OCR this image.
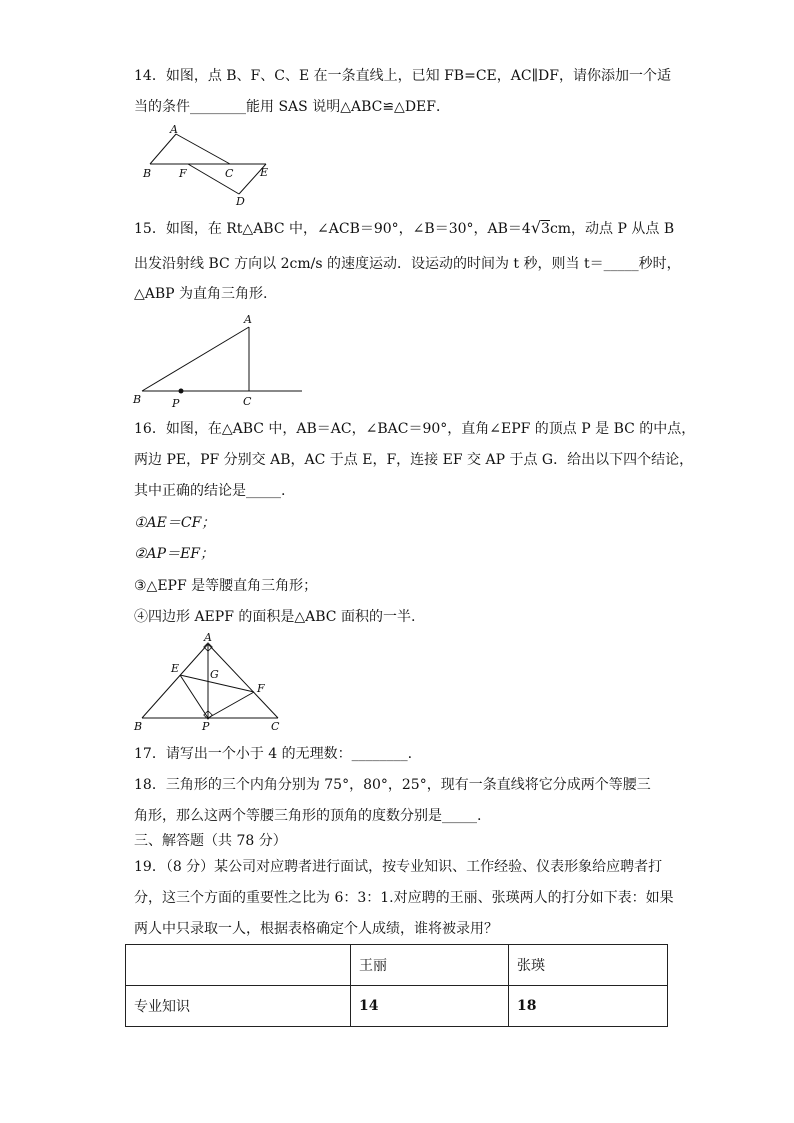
14．如图，点 B、F、C、E 在一条直线上，已知 FB=CE，AC∥DF，请你添加一个适
当的条件________能用 SAS 说明△ABC≌△DEF．
A
B	F	C E
D
15．如图，在 Rt△ABC 中，∠ACB＝90°，∠B＝30°，AB＝4√3cm，动点 P 从点 B
出发沿射线 BC 方向以 2cm/s 的速度运动．设运动的时间为 t 秒，则当 t＝_____秒时，
△ABP 为直角三角形.
A
B	P	C
16．如图，在△ABC 中，AB＝AC，∠BAC＝90°，直角∠EPF 的顶点 P 是 BC 的中点，
两边 PE，PF 分别交 AB，AC 于点 E，F，连接 EF 交 AP 于点 G．给出以下四个结论，
其中正确的结论是_____.
①AE＝CF；
②AP＝EF；
③△EPF 是等腰直角三角形；
④四边形 AEPF 的面积是△ABC 面积的一半.
A
E	G
F
B	P	C
17．请写出一个小于 4 的无理数：________.
18．三角形的三个内角分别为 75°，80°，25°，现有一条直线将它分成两个等腰三
角形，那么这两个等腰三角形的顶角的度数分别是_____.
三、解答题（共 78 分）
19．（8 分）某公司对应聘者进行面试，按专业知识、工作经验、仪表形象给应聘者打
分，这三个方面的重要性之比为 6：3：1.对应聘的王丽、张瑛两人的打分如下表：如果
两人中只录取一人，根据表格确定个人成绩，谁将被录用？
	王丽	张瑛
专业知识	14	18
